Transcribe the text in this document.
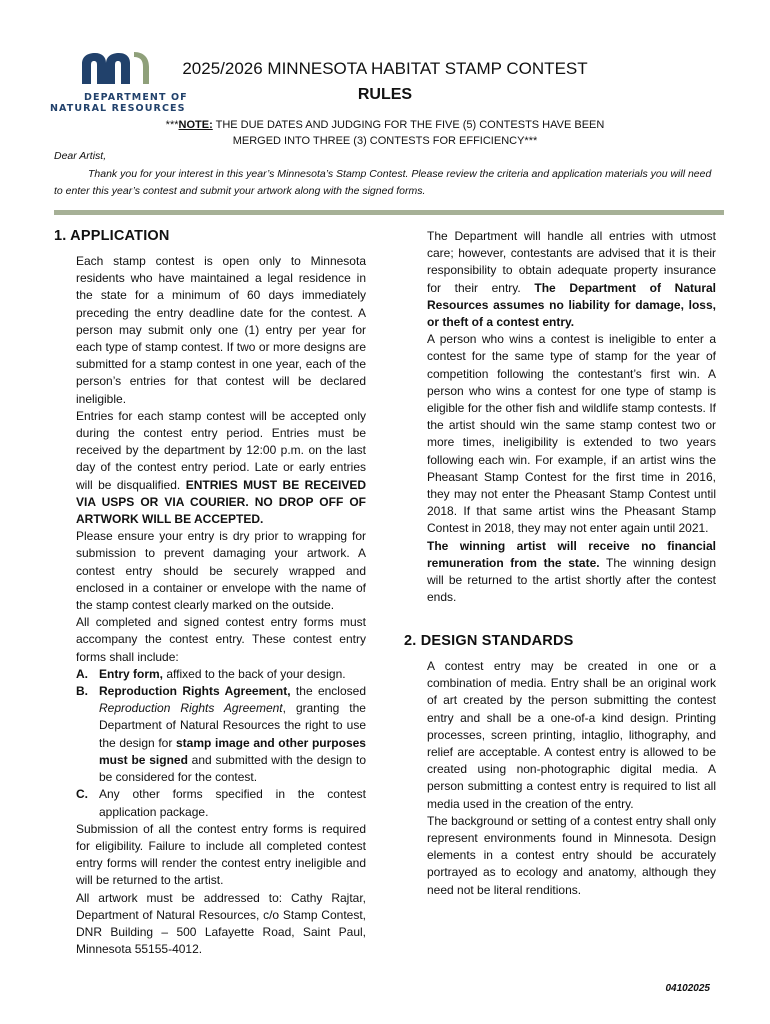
DEPARTMENT OF
NATURAL RESOURCES
2025/2026 MINNESOTA HABITAT STAMP CONTEST
RULES
***NOTE: THE DUE DATES AND JUDGING FOR THE FIVE (5) CONTESTS HAVE BEEN MERGED INTO THREE (3) CONTESTS FOR EFFICIENCY***
Dear Artist,
Thank you for your interest in this year’s Minnesota’s Stamp Contest. Please review the criteria and application materials you will need to enter this year’s contest and submit your artwork along with the signed forms.
1. APPLICATION

Each stamp contest is open only to Minnesota residents who have maintained a legal residence in the state for a minimum of 60 days immediately preceding the entry deadline date for the contest. A person may submit only one (1) entry per year for each type of stamp contest. If two or more designs are submitted for a stamp contest in one year, each of the person’s entries for that contest will be declared ineligible.

Entries for each stamp contest will be accepted only during the contest entry period. Entries must be received by the department by 12:00 p.m. on the last day of the contest entry period. Late or early entries will be disqualified. ENTRIES MUST BE RECEIVED VIA USPS OR VIA COURIER. NO DROP OFF OF ARTWORK WILL BE ACCEPTED.

Please ensure your entry is dry prior to wrapping for submission to prevent damaging your artwork. A contest entry should be securely wrapped and enclosed in a container or envelope with the name of the stamp contest clearly marked on the outside.

All completed and signed contest entry forms must accompany the contest entry. These contest entry forms shall include:

A. Entry form, affixed to the back of your design.
B. Reproduction Rights Agreement, the enclosed Reproduction Rights Agreement, granting the Department of Natural Resources the right to use the design for stamp image and other purposes must be signed and submitted with the design to be considered for the contest.
C. Any other forms specified in the contest application package.

Submission of all the contest entry forms is required for eligibility. Failure to include all completed contest entry forms will render the contest entry ineligible and will be returned to the artist.

All artwork must be addressed to: Cathy Rajtar, Department of Natural Resources, c/o Stamp Contest, DNR Building – 500 Lafayette Road, Saint Paul, Minnesota 55155-4012.

The Department will handle all entries with utmost care; however, contestants are advised that it is their responsibility to obtain adequate property insurance for their entry. The Department of Natural Resources assumes no liability for damage, loss, or theft of a contest entry.

A person who wins a contest is ineligible to enter a contest for the same type of stamp for the year of competition following the contestant’s first win. A person who wins a contest for one type of stamp is eligible for the other fish and wildlife stamp contests. If the artist should win the same stamp contest two or more times, ineligibility is extended to two years following each win. For example, if an artist wins the Pheasant Stamp Contest for the first time in 2016, they may not enter the Pheasant Stamp Contest until 2018. If that same artist wins the Pheasant Stamp Contest in 2018, they may not enter again until 2021.

The winning artist will receive no financial remuneration from the state. The winning design will be returned to the artist shortly after the contest ends.

2. DESIGN STANDARDS

A contest entry may be created in one or a combination of media. Entry shall be an original work of art created by the person submitting the contest entry and shall be a one-of-a kind design. Printing processes, screen printing, intaglio, lithography, and relief are acceptable. A contest entry is allowed to be created using non-photographic digital media. A person submitting a contest entry is required to list all media used in the creation of the entry.

The background or setting of a contest entry shall only represent environments found in Minnesota. Design elements in a contest entry should be accurately portrayed as to ecology and anatomy, although they need not be literal renditions.

04102025
